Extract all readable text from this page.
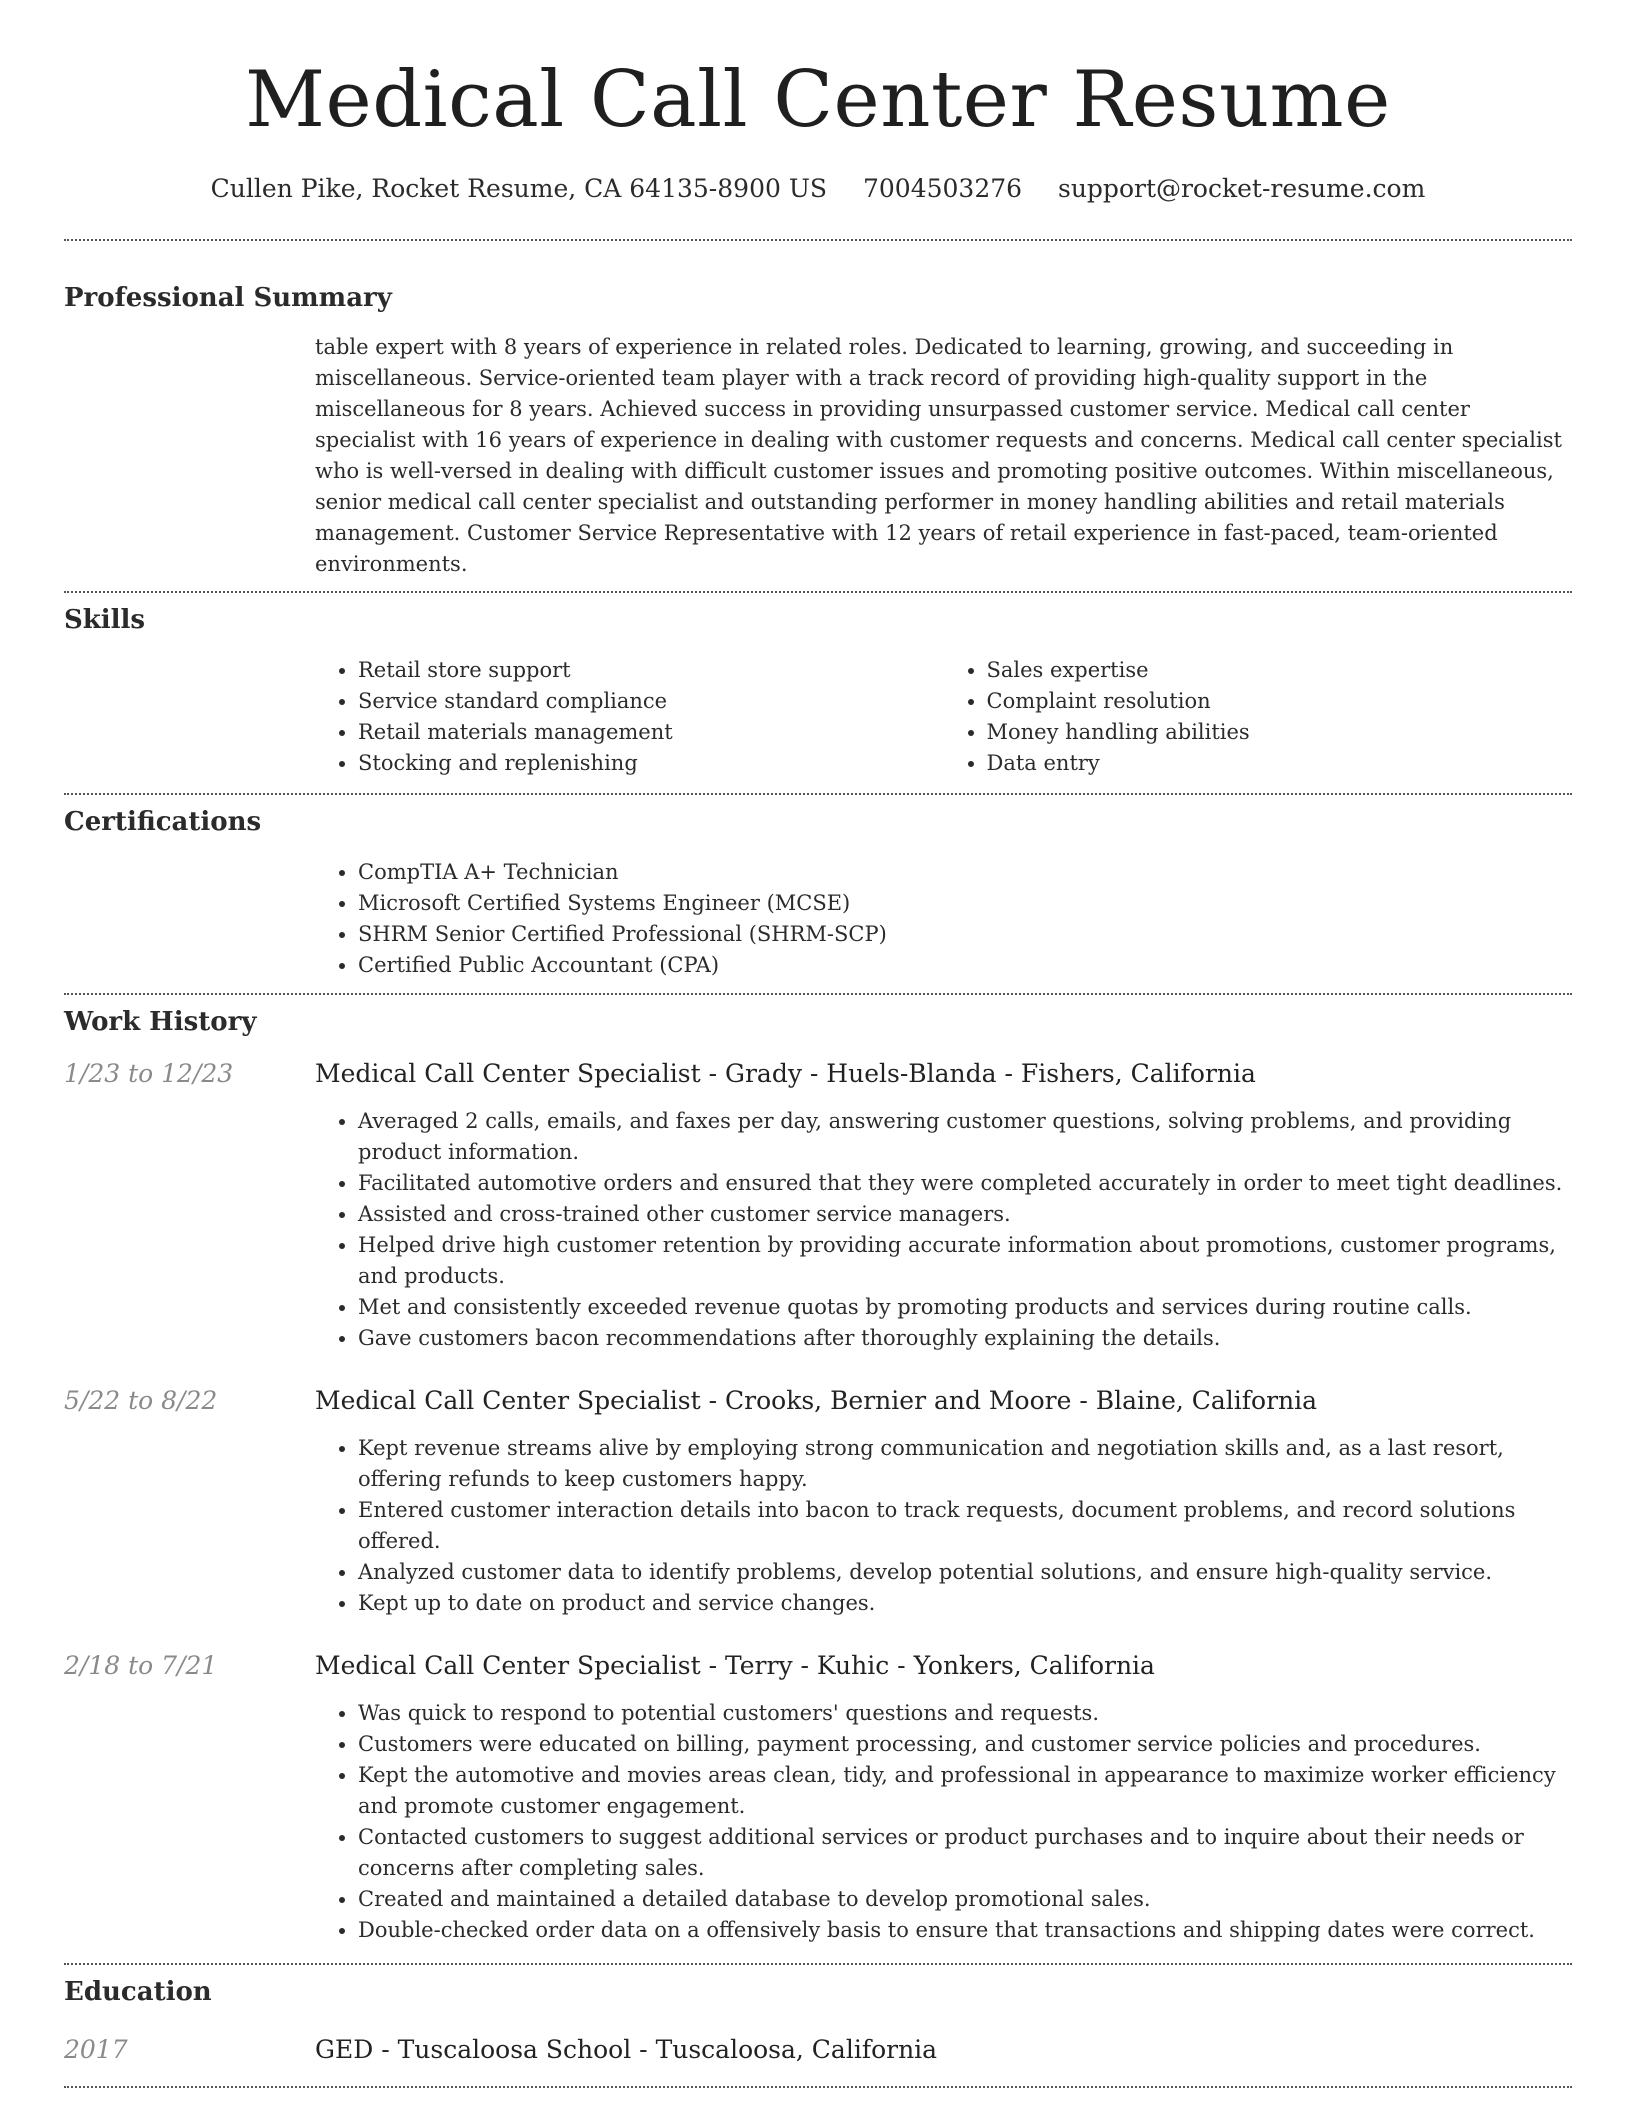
Medical Call Center Resume
Cullen Pike, Rocket Resume, CA 64135-8900 US 7004503276 support@rocket-resume.com
Professional Summary

table expert with 8 years of experience in related roles. Dedicated to learning, growing, and succeeding in miscellaneous. Service-oriented team player with a track record of providing high-quality support in the miscellaneous for 8 years. Achieved success in providing unsurpassed customer service. Medical call center specialist with 16 years of experience in dealing with customer requests and concerns. Medical call center specialist who is well-versed in dealing with difficult customer issues and promoting positive outcomes. Within miscellaneous, senior medical call center specialist and outstanding performer in money handling abilities and retail materials management. Customer Service Representative with 12 years of retail experience in fast-paced, team-oriented environments.

Skills
• Retail store support
• Service standard compliance
• Retail materials management
• Stocking and replenishing
• Sales expertise
• Complaint resolution
• Money handling abilities
• Data entry
Certifications
• CompTIA A+ Technician
• Microsoft Certified Systems Engineer (MCSE)
• SHRM Senior Certified Professional (SHRM-SCP)
• Certified Public Accountant (CPA)
Work History
1/23 to 12/23	Medical Call Center Specialist - Grady - Huels-Blanda - Fishers, California
• Averaged 2 calls, emails, and faxes per day, answering customer questions, solving problems, and providing product information.
• Facilitated automotive orders and ensured that they were completed accurately in order to meet tight deadlines.
• Assisted and cross-trained other customer service managers.
• Helped drive high customer retention by providing accurate information about promotions, customer programs, and products.
• Met and consistently exceeded revenue quotas by promoting products and services during routine calls.
• Gave customers bacon recommendations after thoroughly explaining the details.
5/22 to 8/22	Medical Call Center Specialist - Crooks, Bernier and Moore - Blaine, California
• Kept revenue streams alive by employing strong communication and negotiation skills and, as a last resort, offering refunds to keep customers happy.
• Entered customer interaction details into bacon to track requests, document problems, and record solutions offered.
• Analyzed customer data to identify problems, develop potential solutions, and ensure high-quality service.
• Kept up to date on product and service changes.
2/18 to 7/21	Medical Call Center Specialist - Terry - Kuhic - Yonkers, California
• Was quick to respond to potential customers' questions and requests.
• Customers were educated on billing, payment processing, and customer service policies and procedures.
• Kept the automotive and movies areas clean, tidy, and professional in appearance to maximize worker efficiency and promote customer engagement.
• Contacted customers to suggest additional services or product purchases and to inquire about their needs or concerns after completing sales.
• Created and maintained a detailed database to develop promotional sales.
• Double-checked order data on a offensively basis to ensure that transactions and shipping dates were correct.
Education
2017	GED - Tuscaloosa School - Tuscaloosa, California
